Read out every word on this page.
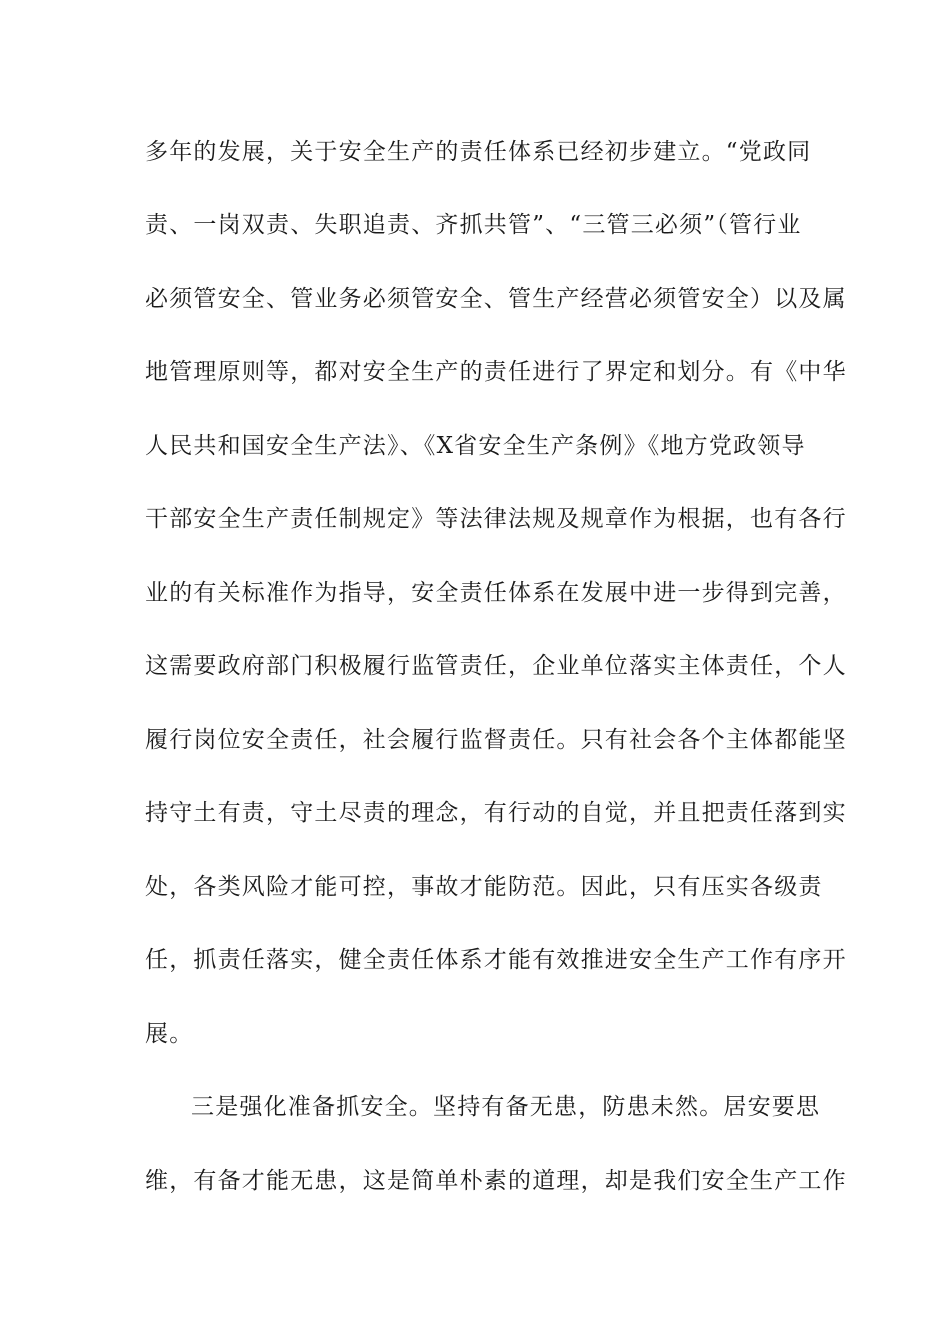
多年的发展，关于安全生产的责任体系已经初步建立。“党政同
责、一岗双责、失职追责、齐抓共管”、“三管三必须”（管行业
必须管安全、管业务必须管安全、管生产经营必须管安全）以及属
地管理原则等，都对安全生产的责任进行了界定和划分。有《中华
人民共和国安全生产法》、《X省安全生产条例》《地方党政领导
干部安全生产责任制规定》等法律法规及规章作为根据，也有各行
业的有关标准作为指导，安全责任体系在发展中进一步得到完善，
这需要政府部门积极履行监管责任，企业单位落实主体责任，个人
履行岗位安全责任，社会履行监督责任。只有社会各个主体都能坚
持守土有责，守土尽责的理念，有行动的自觉，并且把责任落到实
处，各类风险才能可控，事故才能防范。因此，只有压实各级责
任，抓责任落实，健全责任体系才能有效推进安全生产工作有序开
展。
三是强化准备抓安全。坚持有备无患，防患未然。居安要思
维，有备才能无患，这是简单朴素的道理，却是我们安全生产工作
